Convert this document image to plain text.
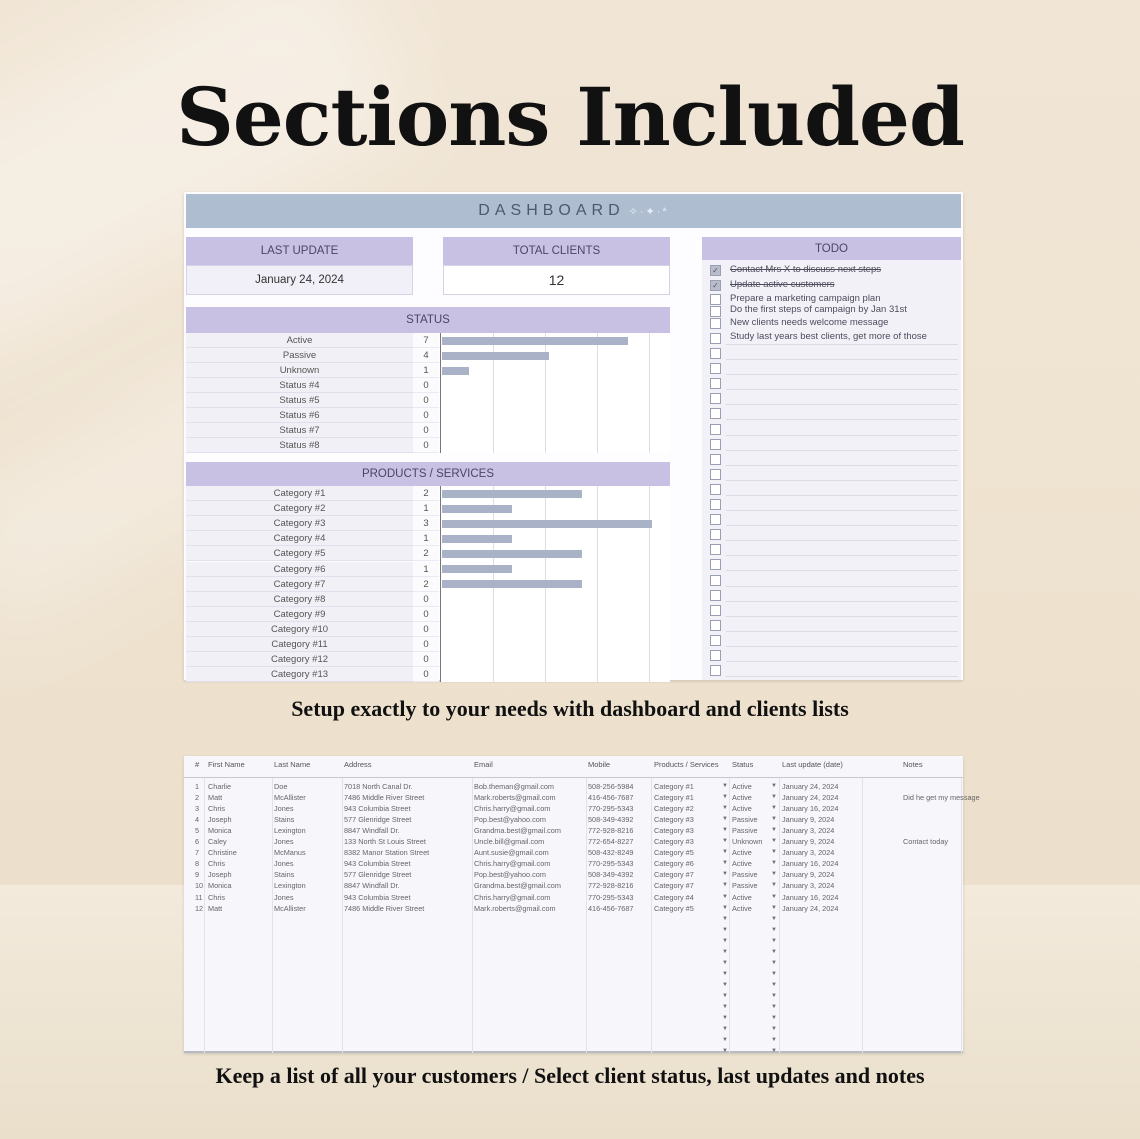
Sections Included
DASHBOARD ✧·✦·*
LAST UPDATE
January 24, 2024
TOTAL CLIENTS
12
TODO
STATUS
Active	7
Passive	4
Unknown	1
Status #4	0
Status #5	0
Status #6	0
Status #7	0
Status #8	0
PRODUCTS / SERVICES
Category #1	2
Category #2	1
Category #3	3
Category #4	1
Category #5	2
Category #6	1
Category #7	2
Category #8	0
Category #9	0
Category #10	0
Category #11	0
Category #12	0
Category #13	0
✓ Contact Mrs X to discuss next steps
✓ Update active customers
Prepare a marketing campaign plan
Do the first steps of campaign by Jan 31st
New clients needs welcome message
Study last years best clients, get more of those
Setup exactly to your needs with dashboard and clients lists
# First Name	Last Name	Address	Email	Mobile	Products / Services Status	Last update (date)	Notes
1 Charlie	Doe	7018 North Canal Dr.	Bob.theman@gmail.com	508-256-5984	Category #1	Active	January 24, 2024
2 Matt	McAllister	7486 Middle River Street	Mark.roberts@gmail.com	416-456-7687	Category #1	Active	January 24, 2024	Did he get my message
3 Chris	Jones	943 Columbia Street	Chris.harry@gmail.com	770-295-5343	Category #2	Active	January 16, 2024
4 Joseph	Stains	577 Glenridge Street	Pop.best@yahoo.com	508-349-4392	Category #3	Passive	January 9, 2024
5 Monica	Lexington	8847 Windfall Dr.	Grandma.best@gmail.com	772-928-8216	Category #3	Passive	January 3, 2024
6 Caley	Jones	133 North St Louis Street	Uncle.bill@gmail.com	772-654-8227	Category #3	Unknown	January 9, 2024	Contact today
7 Christine	McManus	8382 Manor Station Street	Aunt.susie@gmail.com	508-432-8249	Category #5	Active	January 3, 2024
8 Chris	Jones	943 Columbia Street	Chris.harry@gmail.com	770-295-5343	Category #6	Active	January 16, 2024
9 Joseph	Stains	577 Glenridge Street	Pop.best@yahoo.com	508-349-4392	Category #7	Passive	January 9, 2024
10 Monica	Lexington	8847 Windfall Dr.	Grandma.best@gmail.com	772-928-8216	Category #7	Passive	January 3, 2024
11 Chris	Jones	943 Columbia Street	Chris.harry@gmail.com	770-295-5343	Category #4	Active	January 16, 2024
12 Matt	McAllister	7486 Middle River Street	Mark.roberts@gmail.com	416-456-7687	Category #5	Active	January 24, 2024
▼	▼
▼	▼
▼	▼
▼	▼
▼	▼
▼	▼
▼	▼
▼	▼
▼	▼
▼	▼
▼	▼
▼	▼
▼	▼
▼	▼
▼	▼
▼	▼
▼	▼
▼	▼
▼	▼
▼	▼
▼	▼
▼	▼
▼	▼
▼	▼
▼	▼
Keep a list of all your customers / Select client status, last updates and notes
